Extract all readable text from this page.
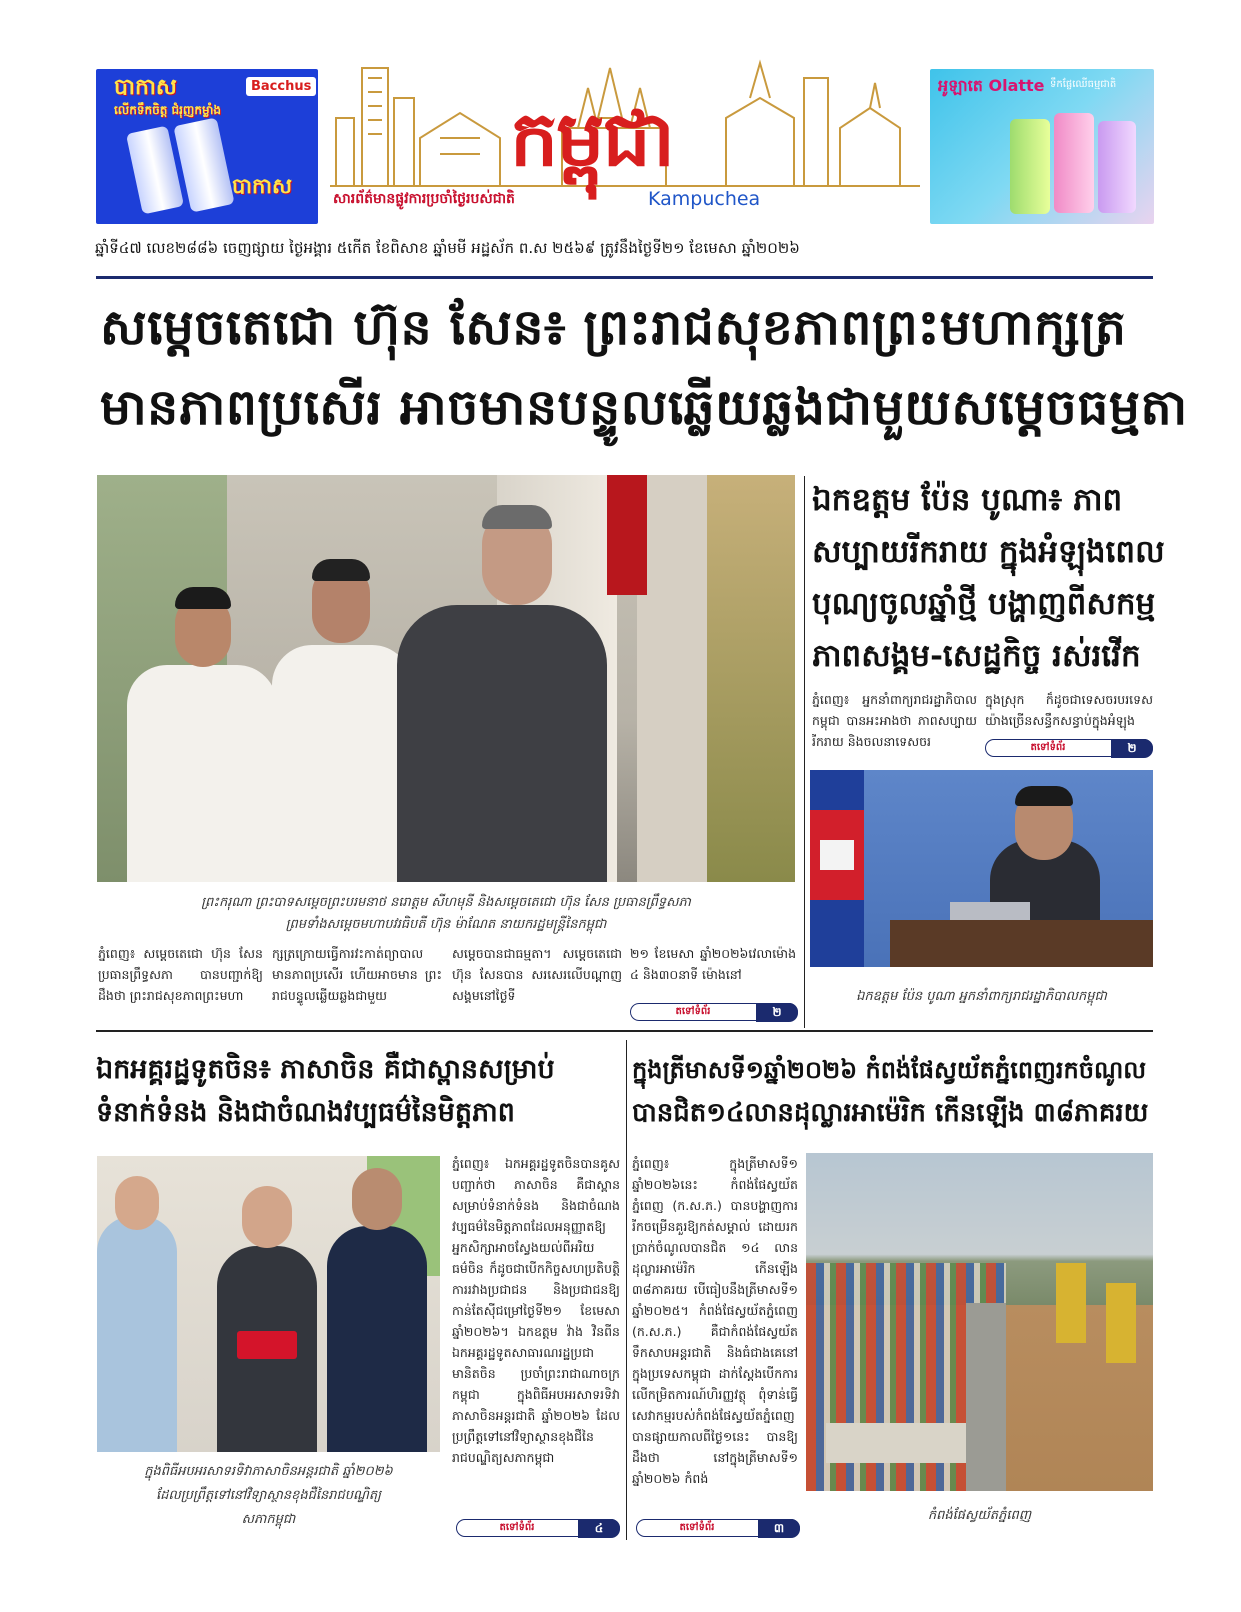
បាកាស
លើកទឹកចិត្ត ជំរុញកម្លាំង
Bacchus
បាកាស
កម្ពុជា
សារព័ត៌មានផ្លូវការប្រចាំថ្ងៃរបស់ជាតិ	Kampuchea
អូឡាតេ Olatte ទឹកផ្លែឈើធម្មជាតិ
ឆ្នាំទី៤៧ លេខ២៨៨៦ ចេញផ្សាយ ថ្ងៃអង្គារ ៥កើត ខែពិសាខ ឆ្នាំមមី អដ្ឋស័ក ព.ស ២៥៦៩ ត្រូវនឹងថ្ងៃទី២១ ខែមេសា ឆ្នាំ២០២៦
សម្តេចតេជោ ហ៊ុន សែន៖ ព្រះរាជសុខភាពព្រះមហាក្សត្រ
មានភាពប្រសើរ អាចមានបន្ទូលឆ្លើយឆ្លងជាមួយសម្តេចធម្មតា
ព្រះករុណា ព្រះបាទសម្តេចព្រះបរមនាថ នរោត្តម សីហមុនី និងសម្តេចតេជោ ហ៊ុន សែន ប្រធានព្រឹទ្ធសភា
ព្រមទាំងសម្តេចមហាបវរធិបតី ហ៊ុន ម៉ាណែត នាយករដ្ឋមន្ត្រីនៃកម្ពុជា
ភ្នំពេញ៖ សម្តេចតេជោ ហ៊ុន សែន ប្រធានព្រឹទ្ធសភា បានបញ្ជាក់ឱ្យដឹងថា ព្រះរាជសុខភាពព្រះមហា
ក្សត្រក្រោយធ្វើការវះកាត់ព្យាបាល មានភាពប្រសើរ ហើយអាចមាន ព្រះរាជបន្ទូលឆ្លើយឆ្លងជាមួយ
សម្តេចបានជាធម្មតា។ សម្តេចតេជោហ៊ុន សែនបាន សរសេរលើបណ្តាញសង្គមនៅថ្ងៃទី
២១ ខែមេសា ឆ្នាំ២០២៦វេលាម៉ោង ៤ និង៣០នាទី ម៉ោងនៅ
តទៅទំព័រ	២
ឯកឧត្តម ប៉ែន បូណា៖ ភាព
សប្បាយរីករាយ ក្នុងអំឡុងពេល
បុណ្យចូលឆ្នាំថ្មី បង្ហាញពីសកម្ម
ភាពសង្គម-សេដ្ឋកិច្ច រស់រវើក
ភ្នំពេញ៖ អ្នកនាំពាក្យរាជរដ្ឋាភិបាលកម្ពុជា បានអះអាងថា ភាពសប្បាយរីករាយ និងចលនាទេសចរ
ក្នុងស្រុក ក៏ដូចជាទេសចរបរទេស យ៉ាងច្រើនសន្ធឹកសន្ធាប់ក្នុងអំឡុង
តទៅទំព័រ	២
ឯកឧត្តម ប៉ែន បូណា អ្នកនាំពាក្យរាជរដ្ឋាភិបាលកម្ពុជា
ឯកអគ្គរដ្ឋទូតចិន៖ ភាសាចិន គឺជាស្ពានសម្រាប់
ទំនាក់ទំនង និងជាចំណងវប្បធម៌នៃមិត្តភាព
ក្នុងពិធីអបអរសាទរទិវាភាសាចិនអន្តរជាតិ ឆ្នាំ២០២៦
ដែលប្រព្រឹត្តទៅនៅវិទ្យាស្ថានខុងជឺនៃរាជបណ្ឌិត្យ
សភាកម្ពុជា
ភ្នំពេញ៖ ឯកអគ្គរដ្ឋទូតចិនបានគូសបញ្ជាក់ថា ភាសាចិន គឺជាស្ពានសម្រាប់ទំនាក់ទំនង និងជាចំណងវប្បធម៌នៃមិត្តភាពដែលអនុញ្ញាតឱ្យអ្នកសិក្សាអាចស្វែងយល់ពីអរិយធម៌ចិន ក៏ដូចជាបើកកិច្ចសហប្រតិបត្តិការរវាងប្រជាជន និងប្រជាជនឱ្យកាន់តែស៊ីជម្រៅថ្ងៃទី២១ ខែមេសា ឆ្នាំ២០២៦។ ឯកឧត្តម វ៉ាង វិនពីន ឯកអគ្គរដ្ឋទូតសាធារណរដ្ឋប្រជាមានិតចិន ប្រចាំព្រះរាជាណាចក្រកម្ពុជា ក្នុងពិធីអបអរសាទរទិវាភាសាចិនអន្តរជាតិ ឆ្នាំ២០២៦ ដែលប្រព្រឹត្តទៅនៅវិទ្យាស្ថានខុងជឺនៃរាជបណ្ឌិត្យសភាកម្ពុជា
តទៅទំព័រ	៤
ក្នុងត្រីមាសទី១ឆ្នាំ២០២៦ កំពង់ផែស្វយ័តភ្នំពេញរកចំណូល
បានជិត១៤លានដុល្លារអាម៉េរិក កើនឡើង ៣៨ភាគរយ
ភ្នំពេញ៖ ក្នុងត្រីមាសទី១ ឆ្នាំ២០២៦នេះ កំពង់ផែស្វយ័តភ្នំពេញ (ក.ស.ភ.) បានបង្ហាញការរីកចម្រើនគួរឱ្យកត់សម្គាល់ ដោយរកប្រាក់ចំណូលបានជិត ១៤ លានដុល្លារអាម៉េរិក កើនឡើង ៣៨ភាគរយ បើធៀបនឹងត្រីមាសទី១ ឆ្នាំ២០២៥។ កំពង់ផែស្វយ័តភ្នំពេញ (ក.ស.ភ.) គឺជាកំពង់ផែស្វយ័តទឹកសាបអន្តរជាតិ និងធំជាងគេនៅក្នុងប្រទេសកម្ពុជា ដាក់ស្តែងបើកការលើកម្រិតការណ៍ហិរញ្ញវត្ថុ ពុំទាន់ធ្វើសេវាកម្មរបស់កំពង់ផែស្វយ័តភ្នំពេញ បានផ្សាយកាលពីថ្ងៃ១នេះ បានឱ្យដឹងថា នៅក្នុងត្រីមាសទី១ ឆ្នាំ២០២៦ កំពង់
តទៅទំព័រ	៣
កំពង់ផែស្វយ័តភ្នំពេញ
